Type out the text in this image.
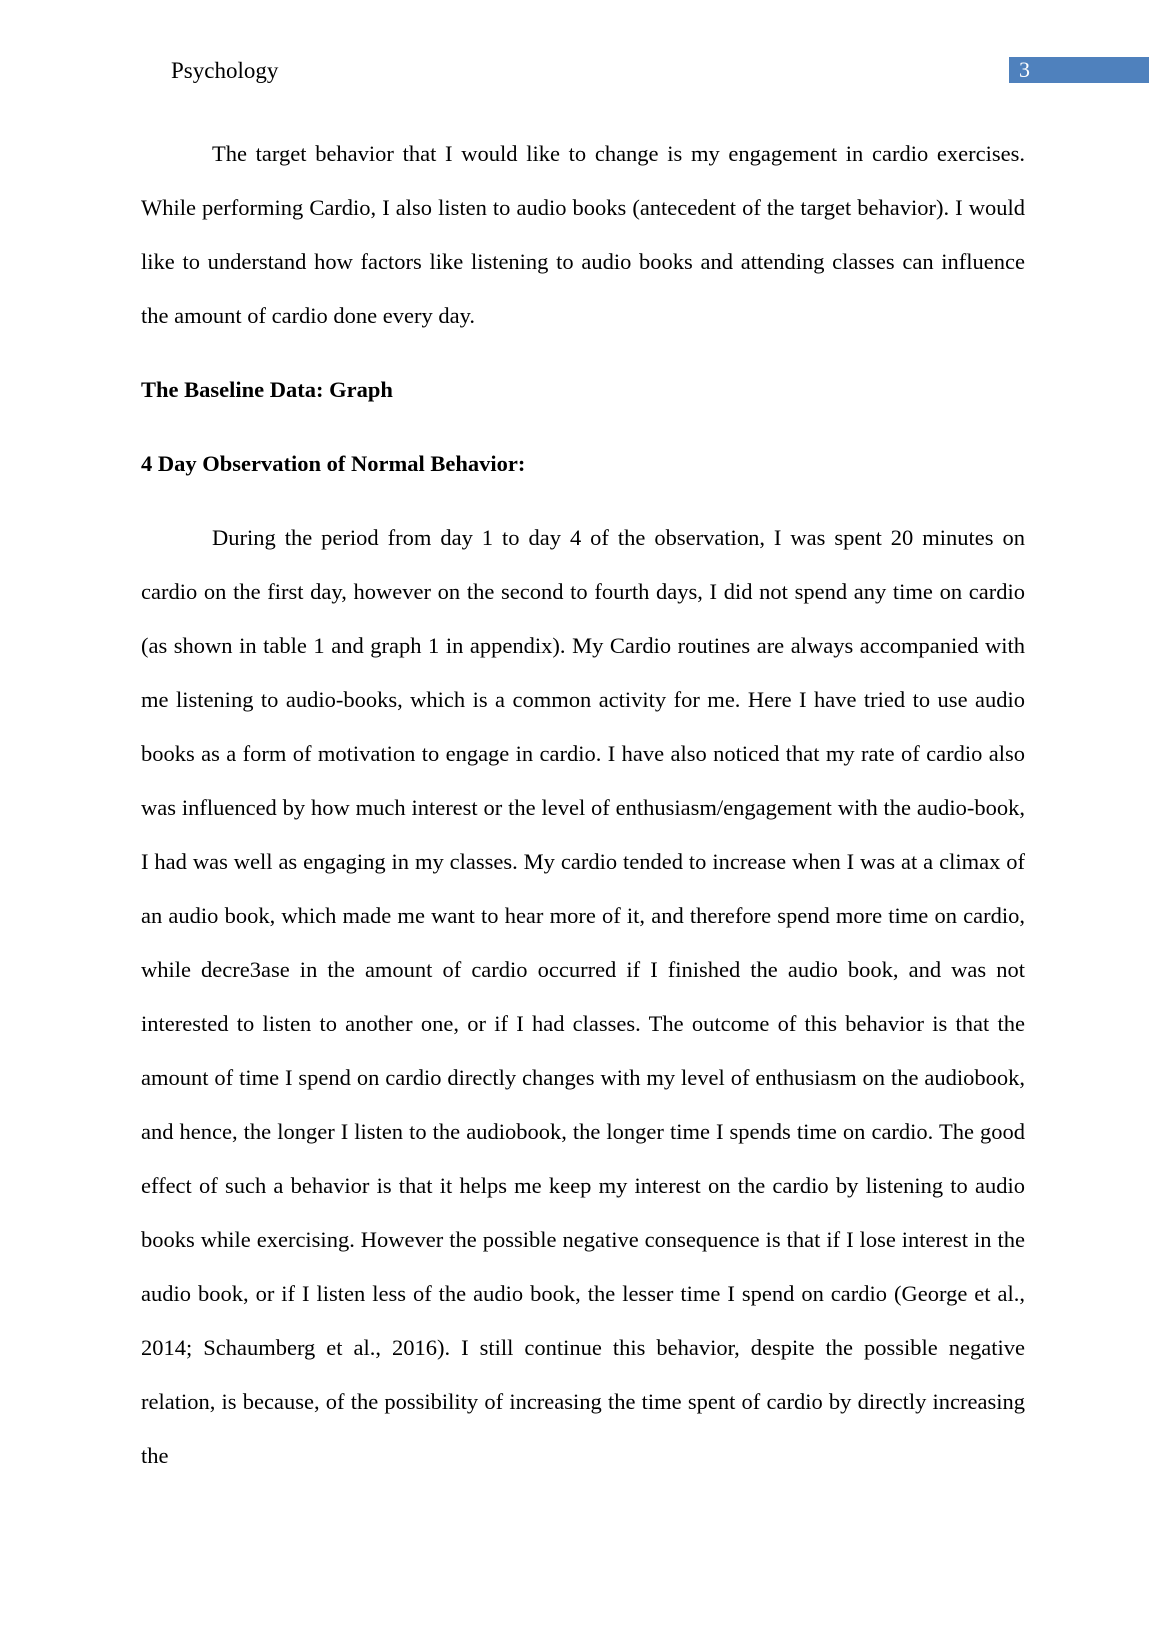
Psychology	3

The target behavior that I would like to change is my engagement in cardio exercises. While performing Cardio, I also listen to audio books (antecedent of the target behavior). I would like to understand how factors like listening to audio books and attending classes can influence the amount of cardio done every day.

The Baseline Data: Graph
4 Day Observation of Normal Behavior:

During the period from day 1 to day 4 of the observation, I was spent 20 minutes on cardio on the first day, however on the second to fourth days, I did not spend any time on cardio (as shown in table 1 and graph 1 in appendix). My Cardio routines are always accompanied with me listening to audio-books, which is a common activity for me. Here I have tried to use audio books as a form of motivation to engage in cardio. I have also noticed that my rate of cardio also was influenced by how much interest or the level of enthusiasm/engagement with the audio-book, I had was well as engaging in my classes. My cardio tended to increase when I was at a climax of an audio book, which made me want to hear more of it, and therefore spend more time on cardio, while decre3ase in the amount of cardio occurred if I finished the audio book, and was not interested to listen to another one, or if I had classes. The outcome of this behavior is that the amount of time I spend on cardio directly changes with my level of enthusiasm on the audiobook, and hence, the longer I listen to the audiobook, the longer time I spends time on cardio. The good effect of such a behavior is that it helps me keep my interest on the cardio by listening to audio books while exercising. However the possible negative consequence is that if I lose interest in the audio book, or if I listen less of the audio book, the lesser time I spend on cardio (George et al., 2014; Schaumberg et al., 2016). I still continue this behavior, despite the possible negative relation, is because, of the possibility of increasing the time spent of cardio by directly increasing the
